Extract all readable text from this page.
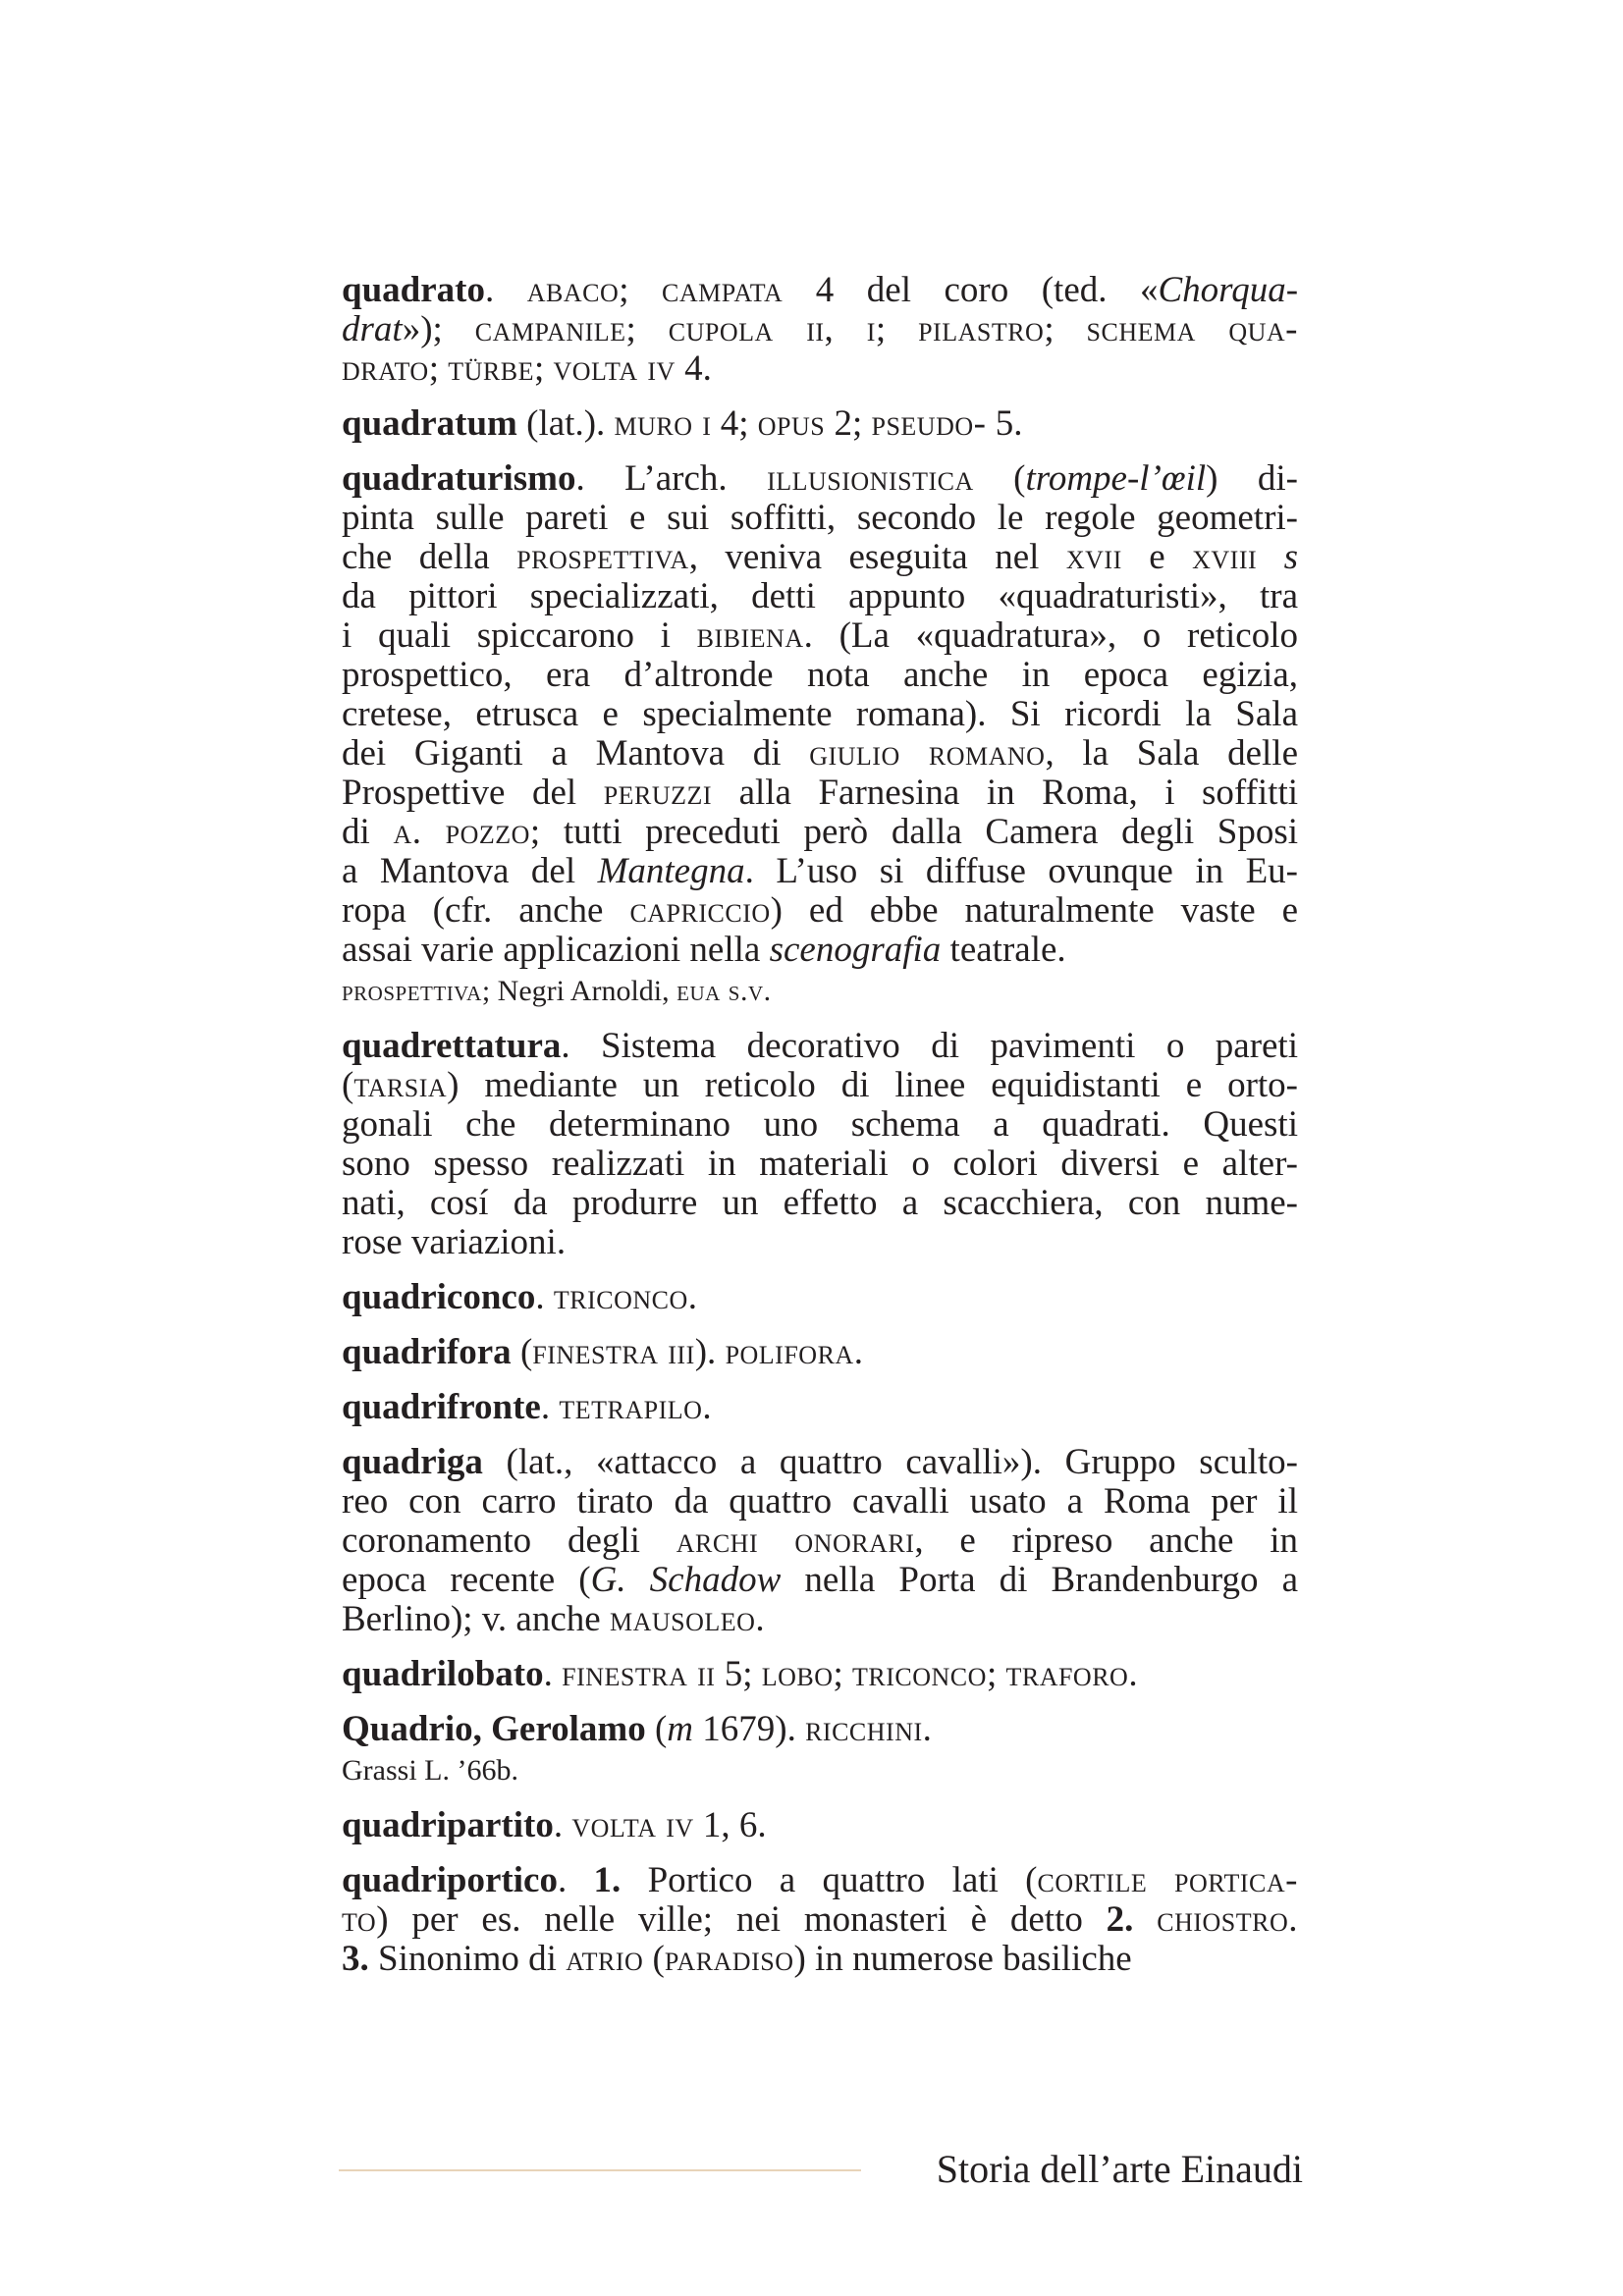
quadrato. abaco; campata 4 del coro (ted. «Chorqua-
drat»); campanile; cupola ii, i; pilastro; schema qua-
drato; türbe; volta iv 4.
quadratum (lat.). muro i 4; opus 2; pseudo- 5.
quadraturismo. L’arch. illusionistica (trompe-l’œil) di-
pinta sulle pareti e sui soffitti, secondo le regole geometri-
che della prospettiva, veniva eseguita nel xvii e xviii s
da pittori specializzati, detti appunto «quadraturisti», tra
i quali spiccarono i bibiena. (La «quadratura», o reticolo
prospettico, era d’altronde nota anche in epoca egizia,
cretese, etrusca e specialmente romana). Si ricordi la Sala
dei Giganti a Mantova di giulio romano, la Sala delle
Prospettive del peruzzi alla Farnesina in Roma, i soffitti
di a. pozzo; tutti preceduti però dalla Camera degli Sposi
a Mantova del Mantegna. L’uso si diffuse ovunque in Eu-
ropa (cfr. anche capriccio) ed ebbe naturalmente vaste e
assai varie applicazioni nella scenografia teatrale.
prospettiva; Negri Arnoldi, eua s.v.
quadrettatura. Sistema decorativo di pavimenti o pareti
(tarsia) mediante un reticolo di linee equidistanti e orto-
gonali che determinano uno schema a quadrati. Questi
sono spesso realizzati in materiali o colori diversi e alter-
nati, cosí da produrre un effetto a scacchiera, con nume-
rose variazioni.
quadriconco. triconco.
quadrifora (finestra iii). polifora.
quadrifronte. tetrapilo.
quadriga (lat., «attacco a quattro cavalli»). Gruppo sculto-
reo con carro tirato da quattro cavalli usato a Roma per il
coronamento degli archi onorari, e ripreso anche in
epoca recente (G. Schadow nella Porta di Brandenburgo a
Berlino); v. anche mausoleo.
quadrilobato. finestra ii 5; lobo; triconco; traforo.
Quadrio, Gerolamo (m 1679). ricchini.
Grassi L. ’66b.
quadripartito. volta iv 1, 6.
quadriportico. 1. Portico a quattro lati (cortile portica-
to) per es. nelle ville; nei monasteri è detto 2. chiostro.
3. Sinonimo di atrio (paradiso) in numerose basiliche
Storia dell’arte Einaudi
